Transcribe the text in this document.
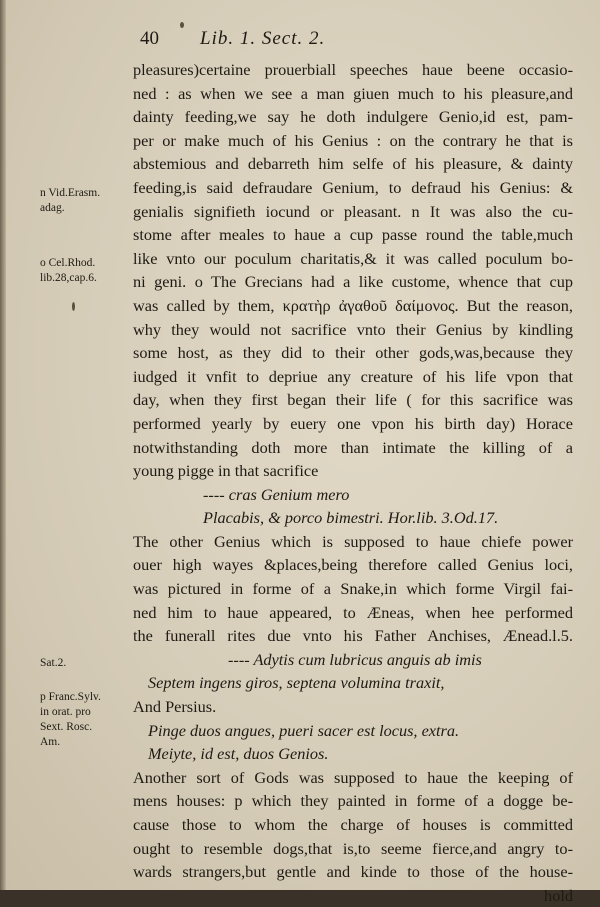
40 Lib. 1. Sect. 2.
pleasures)certaine prouerbiall speeches haue beene occasio-
ned : as when we see a man giuen much to his pleasure,and
dainty feeding,we say he doth indulgere Genio,id est, pam-
per or make much of his Genius : on the contrary he that is
abstemious and debarreth him selfe of his pleasure, & dainty
feeding,is said defraudare Genium, to defraud his Genius: &
genialis signifieth iocund or pleasant. n It was also the cu-
stome after meales to haue a cup passe round the table,much
like vnto our poculum charitatis,& it was called poculum bo-
ni geni. o The Grecians had a like custome, whence that cup
was called by them, κρατὴρ ἀγαθοῦ δαίμονος. But the reason,
why they would not sacrifice vnto their Genius by kindling
some host, as they did to their other gods,was,because they
iudged it vnfit to depriue any creature of his life vpon that
day, when they first began their life ( for this sacrifice was
performed yearly by euery one vpon his birth day) Horace
notwithstanding doth more than intimate the killing of a
young pigge in that sacrifice
---- cras Genium mero
Placabis, & porco bimestri. Hor.lib. 3.Od.17.
The other Genius which is supposed to haue chiefe power
ouer high wayes &places,being therefore called Genius loci,
was pictured in forme of a Snake,in which forme Virgil fai-
ned him to haue appeared, to Æneas, when hee performed
the funerall rites due vnto his Father Anchises, Ænead.l.5.
---- Adytis cum lubricus anguis ab imis
Septem ingens giros, septena volumina traxit,
And Persius.
Pinge duos angues, pueri sacer est locus, extra.
Meiyte, id est, duos Genios.
Another sort of Gods was supposed to haue the keeping of
mens houses: p which they painted in forme of a dogge be-
cause those to whom the charge of houses is committed
ought to resemble dogs,that is,to seeme fierce,and angry to-
wards strangers,but gentle and kinde to those of the house-
hold
n Vid.Erasm.
adag.
o Cel.Rhod.
lib.28,cap.6.
Sat.2.
p Franc.Sylv.
in orat. pro
Sext. Rosc.
Am.
